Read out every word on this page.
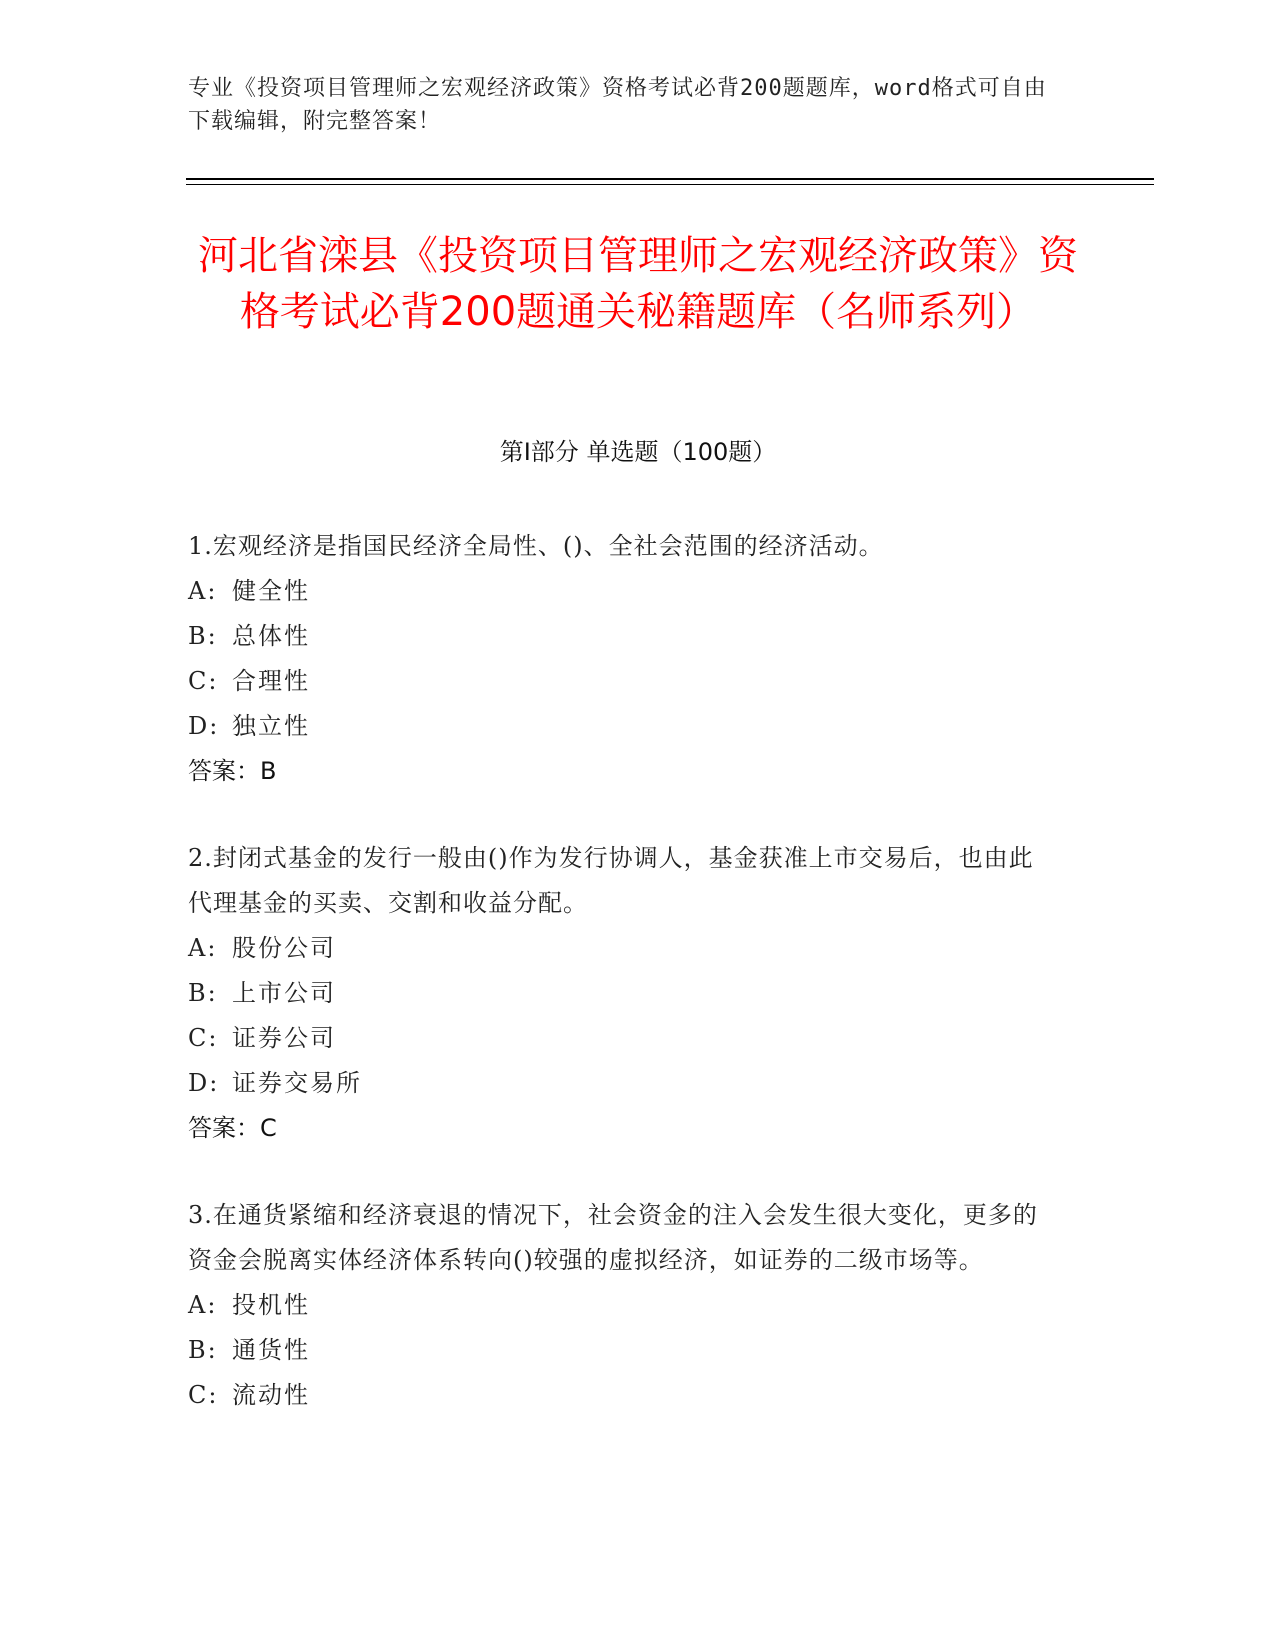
专业《投资项目管理师之宏观经济政策》资格考试必背200题题库，word格式可自由下载编辑，附完整答案！
河北省滦县《投资项目管理师之宏观经济政策》资格考试必背200题通关秘籍题库（名师系列）
第I部分 单选题（100题）
1.宏观经济是指国民经济全局性、()、全社会范围的经济活动。
A: 健全性
B: 总体性
C: 合理性
D: 独立性
答案：B
2.封闭式基金的发行一般由()作为发行协调人，基金获准上市交易后，也由此代理基金的买卖、交割和收益分配。
A: 股份公司
B: 上市公司
C: 证券公司
D: 证券交易所
答案：C
3.在通货紧缩和经济衰退的情况下，社会资金的注入会发生很大变化，更多的资金会脱离实体经济体系转向()较强的虚拟经济，如证券的二级市场等。
A: 投机性
B: 通货性
C: 流动性
